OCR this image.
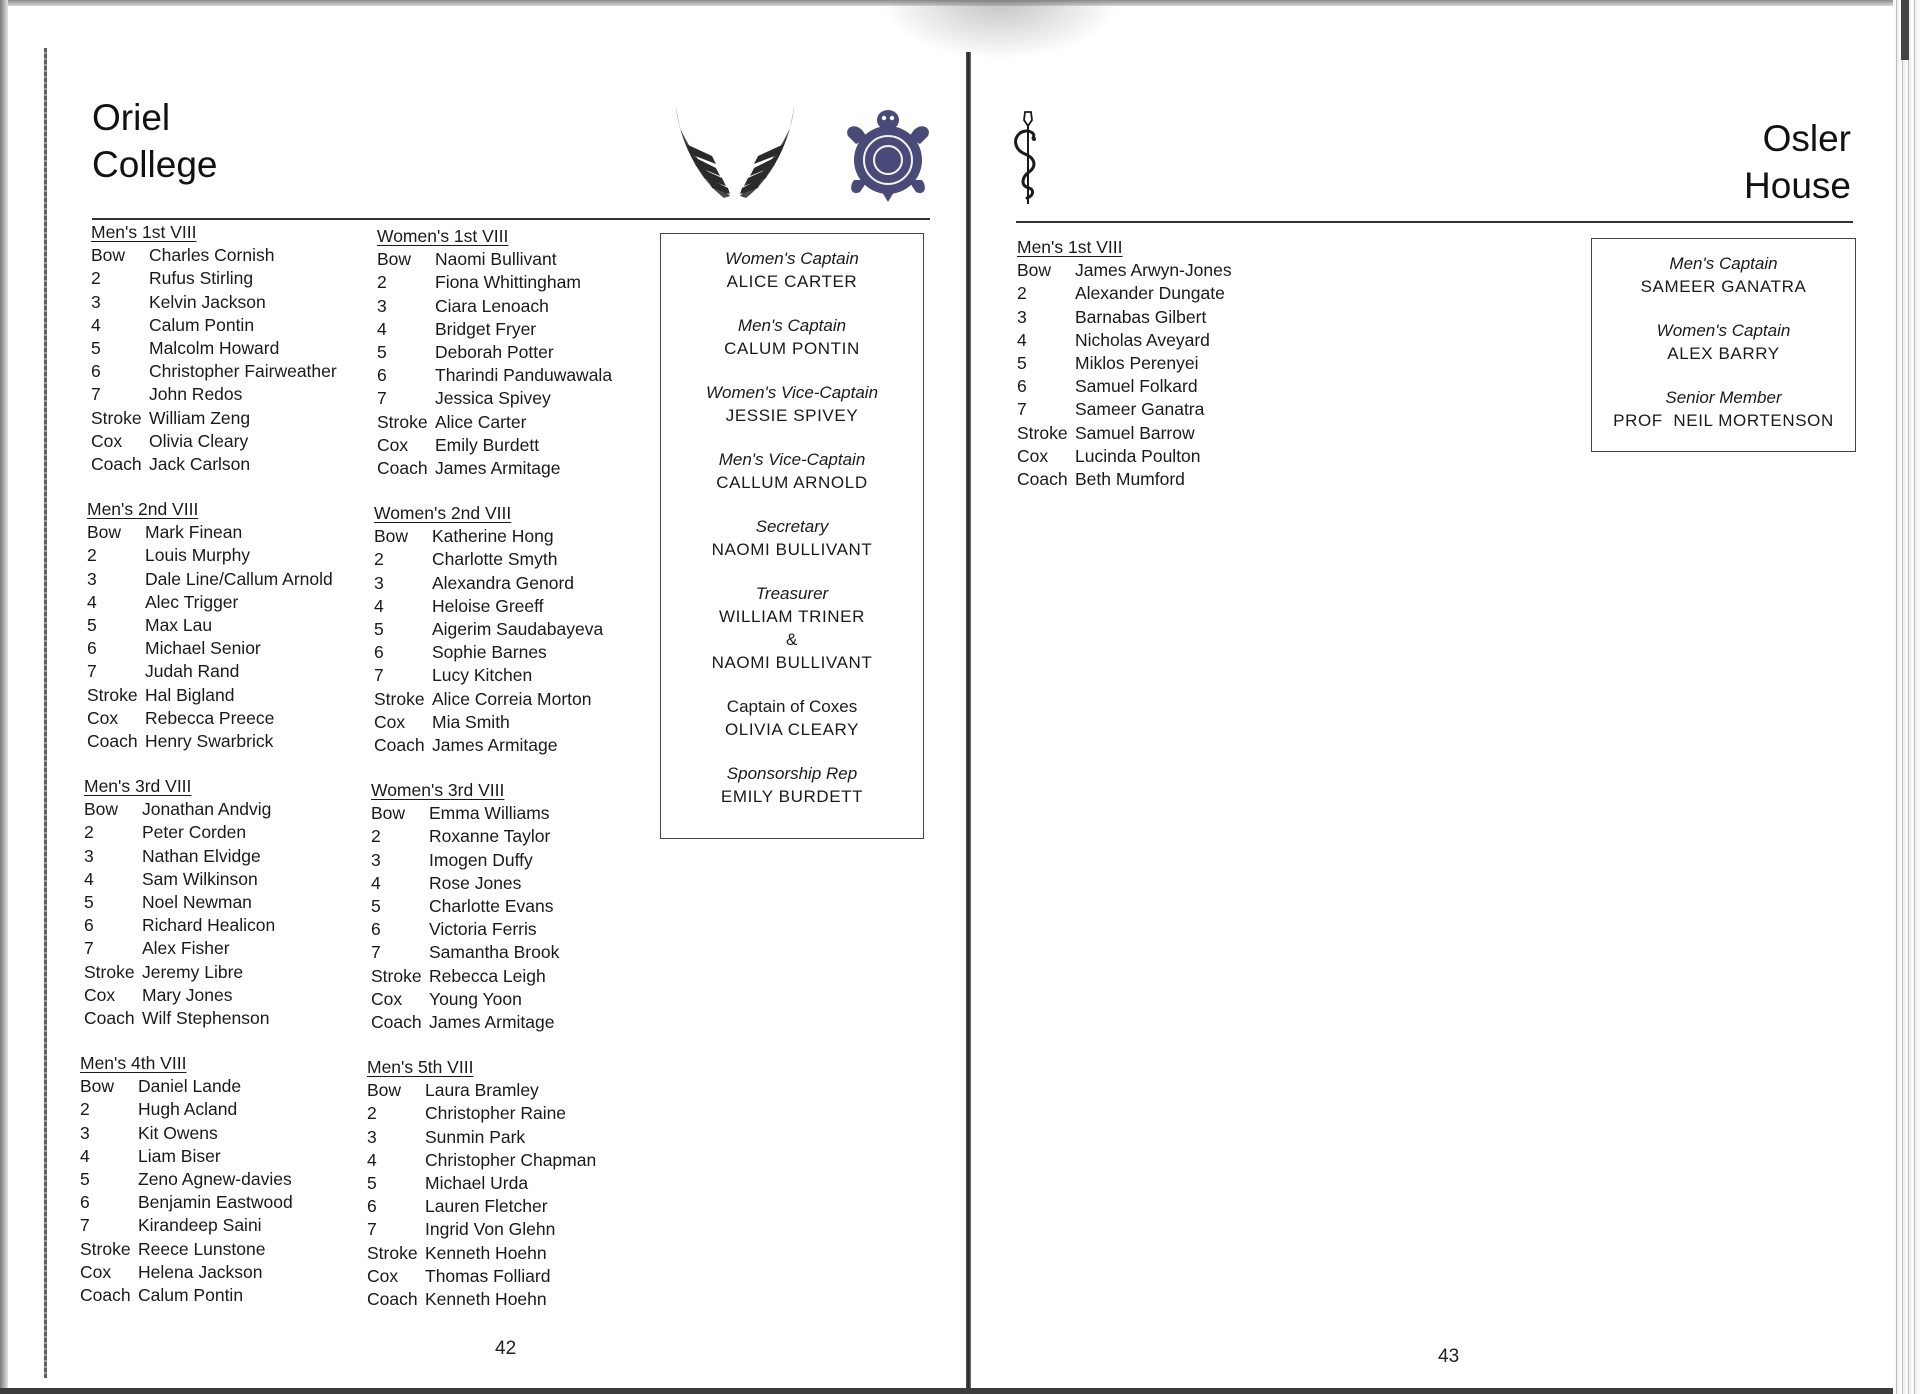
Oriel
College
Men's 1st VIII
Bow	Charles Cornish
2	Rufus Stirling
3	Kelvin Jackson
4	Calum Pontin
5	Malcolm Howard
6	Christopher Fairweather
7	John Redos
Stroke William Zeng
Cox	Olivia Cleary
Coach Jack Carlson
Men's 2nd VIII
Bow	Mark Finean
2	Louis Murphy
3	Dale Line/Callum Arnold
4	Alec Trigger
5	Max Lau
6	Michael Senior
7	Judah Rand
Stroke Hal Bigland
Cox	Rebecca Preece
Coach Henry Swarbrick
Men's 3rd VIII
Bow	Jonathan Andvig
2	Peter Corden
3	Nathan Elvidge
4	Sam Wilkinson
5	Noel Newman
6	Richard Healicon
7	Alex Fisher
Stroke Jeremy Libre
Cox	Mary Jones
Coach Wilf Stephenson
Men's 4th VIII
Bow	Daniel Lande
2	Hugh Acland
3	Kit Owens
4	Liam Biser
5	Zeno Agnew-davies
6	Benjamin Eastwood
7	Kirandeep Saini
Stroke Reece Lunstone
Cox	Helena Jackson
Coach Calum Pontin
Women's 1st VIII
Bow	Naomi Bullivant
2	Fiona Whittingham
3	Ciara Lenoach
4	Bridget Fryer
5	Deborah Potter
6	Tharindi Panduwawala
7	Jessica Spivey
Stroke Alice Carter
Cox	Emily Burdett
Coach James Armitage
Women's 2nd VIII
Bow	Katherine Hong
2	Charlotte Smyth
3	Alexandra Genord
4	Heloise Greeff
5	Aigerim Saudabayeva
6	Sophie Barnes
7	Lucy Kitchen
Stroke Alice Correia Morton
Cox	Mia Smith
Coach James Armitage
Women's 3rd VIII
Bow	Emma Williams
2	Roxanne Taylor
3	Imogen Duffy
4	Rose Jones
5	Charlotte Evans
6	Victoria Ferris
7	Samantha Brook
Stroke Rebecca Leigh
Cox	Young Yoon
Coach James Armitage
Men's 5th VIII
Bow	Laura Bramley
2	Christopher Raine
3	Sunmin Park
4	Christopher Chapman
5	Michael Urda
6	Lauren Fletcher
7	Ingrid Von Glehn
Stroke Kenneth Hoehn
Cox	Thomas Folliard
Coach Kenneth Hoehn
Women's Captain
ALICE CARTER
Men's Captain
CALUM PONTIN
Women's Vice-Captain
JESSIE SPIVEY
Men's Vice-Captain
CALLUM ARNOLD
Secretary
NAOMI BULLIVANT
Treasurer
WILLIAM TRINER
&
NAOMI BULLIVANT
Captain of Coxes
OLIVIA CLEARY
Sponsorship Rep
EMILY BURDETT
42
Osler
House
Men's 1st VIII
Bow	James Arwyn-Jones
2	Alexander Dungate
3	Barnabas Gilbert
4	Nicholas Aveyard
5	Miklos Perenyei
6	Samuel Folkard
7	Sameer Ganatra
Stroke Samuel Barrow
Cox	Lucinda Poulton
Coach Beth Mumford
Men's Captain
SAMEER GANATRA
Women's Captain
ALEX BARRY
Senior Member
PROF  NEIL MORTENSON
43
